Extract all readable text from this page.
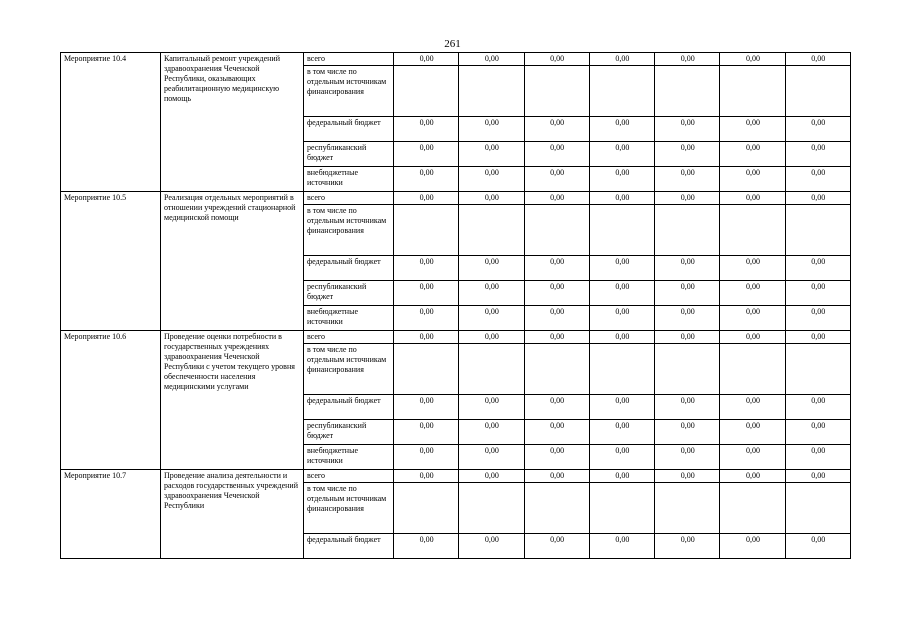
261
Мероприятие 10.4	Капитальный ремонт учреждений здравоохранения Чеченской Республики, оказывающих реабилитационную медицинскую помощь	всего	0,00	0,00	0,00	0,00	0,00	0,00	0,00
		в том числе по отдельным источникам финансирования							
		федеральный бюджет	0,00	0,00	0,00	0,00	0,00	0,00	0,00
		республиканский бюджет	0,00	0,00	0,00	0,00	0,00	0,00	0,00
		внебюджетные источники	0,00	0,00	0,00	0,00	0,00	0,00	0,00
Мероприятие 10.5	Реализация отдельных мероприятий в отношении учреждений стационарной медицинской помощи	всего	0,00	0,00	0,00	0,00	0,00	0,00	0,00
		в том числе по отдельным источникам финансирования							
		федеральный бюджет	0,00	0,00	0,00	0,00	0,00	0,00	0,00
		республиканский бюджет	0,00	0,00	0,00	0,00	0,00	0,00	0,00
		внебюджетные источники	0,00	0,00	0,00	0,00	0,00	0,00	0,00
Мероприятие 10.6	Проведение оценки потребности в государственных учреждениях здравоохранения Чеченской Республики с учетом текущего уровня обеспеченности населения медицинскими услугами	всего	0,00	0,00	0,00	0,00	0,00	0,00	0,00
		в том числе по отдельным источникам финансирования							
		федеральный бюджет	0,00	0,00	0,00	0,00	0,00	0,00	0,00
		республиканский бюджет	0,00	0,00	0,00	0,00	0,00	0,00	0,00
		внебюджетные источники	0,00	0,00	0,00	0,00	0,00	0,00	0,00
Мероприятие 10.7	Проведение анализа деятельности и расходов государственных учреждений здравоохранения Чеченской Республики	всего	0,00	0,00	0,00	0,00	0,00	0,00	0,00
		в том числе по отдельным источникам финансирования							
		федеральный бюджет	0,00	0,00	0,00	0,00	0,00	0,00	0,00
